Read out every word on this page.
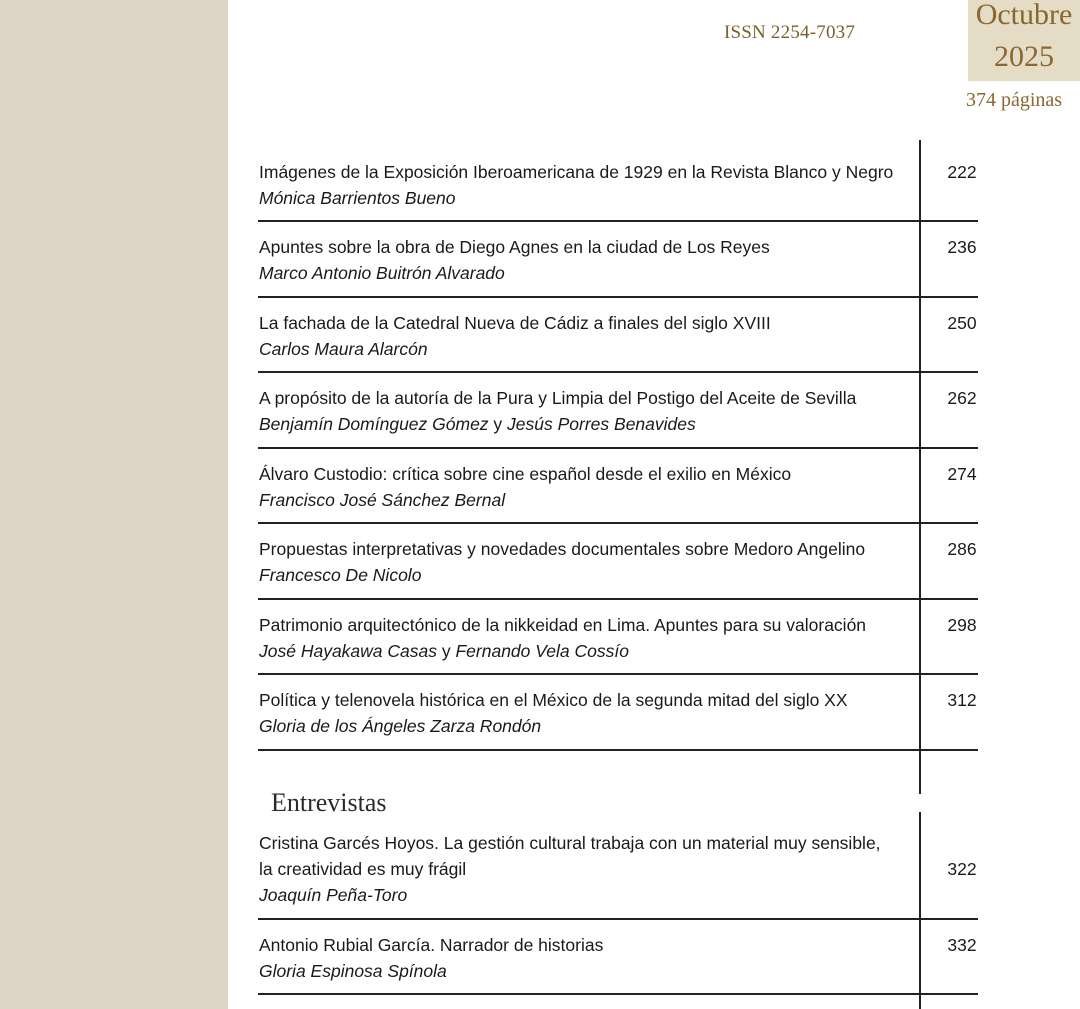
ISSN 2254-7037
Octubre
2025
374 páginas
Imágenes de la Exposición Iberoamericana de 1929 en la Revista Blanco y Negro
Mónica Barrientos Bueno
222
Apuntes sobre la obra de Diego Agnes en la ciudad de Los Reyes
Marco Antonio Buitrón Alvarado
236
La fachada de la Catedral Nueva de Cádiz a finales del siglo XVIII
Carlos Maura Alarcón
250
A propósito de la autoría de la Pura y Limpia del Postigo del Aceite de Sevilla
Benjamín Domínguez Gómez y Jesús Porres Benavides
262
Álvaro Custodio: crítica sobre cine español desde el exilio en México
Francisco José Sánchez Bernal
274
Propuestas interpretativas y novedades documentales sobre Medoro Angelino
Francesco De Nicolo
286
Patrimonio arquitectónico de la nikkeidad en Lima. Apuntes para su valoración
José Hayakawa Casas y Fernando Vela Cossío
298
Política y telenovela histórica en el México de la segunda mitad del siglo XX
Gloria de los Ángeles Zarza Rondón
312
Entrevistas
Cristina Garcés Hoyos. La gestión cultural trabaja con un material muy sensible,
la creatividad es muy frágil
Joaquín Peña-Toro
322
Antonio Rubial García. Narrador de historias
Gloria Espinosa Spínola
332
